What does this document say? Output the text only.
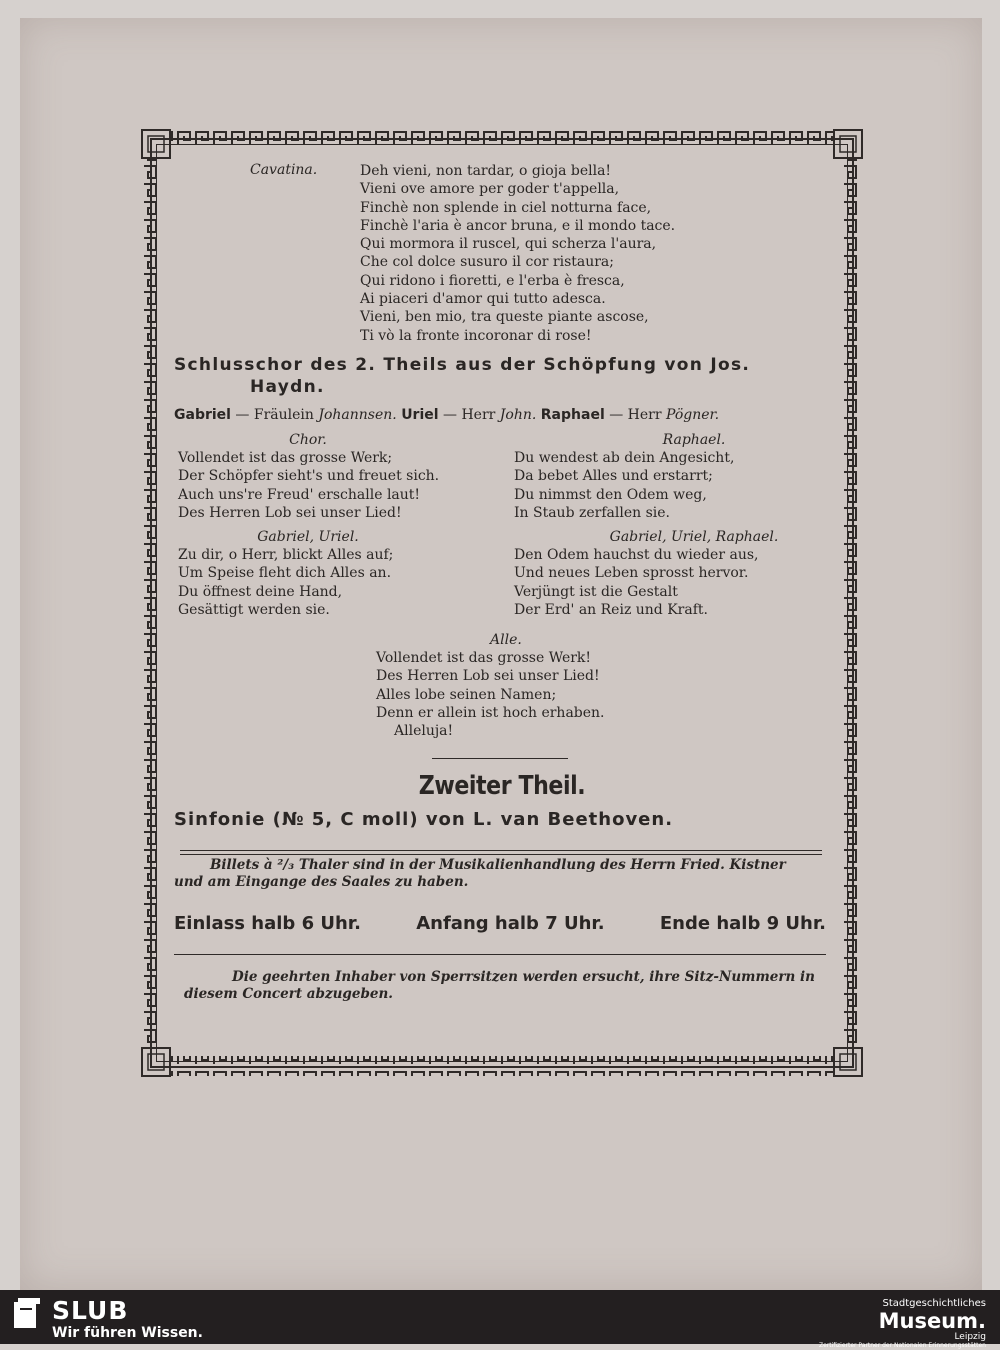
Cavatina.	Deh vieni, non tardar, o gioja bella!
Vieni ove amore per goder t'appella,
Finchè non splende in ciel notturna face,
Finchè l'aria è ancor bruna, e il mondo tace.
Qui mormora il ruscel, qui scherza l'aura,
Che col dolce susuro il cor ristaura;
Qui ridono i fioretti, e l'erba è fresca,
Ai piaceri d'amor qui tutto adesca.
Vieni, ben mio, tra queste piante ascose,
Ti vò la fronte incoronar di rose!
Schlusschor des 2. Theils aus der Schöpfung von Jos.
Haydn.
Gabriel — Fräulein Johannsen. Uriel — Herr John. Raphael — Herr Pögner.
Chor.
Vollendet ist das grosse Werk;
Der Schöpfer sieht's und freuet sich.
Auch uns're Freud' erschalle laut!
Des Herren Lob sei unser Lied!
Gabriel, Uriel.
Zu dir, o Herr, blickt Alles auf;
Um Speise fleht dich Alles an.
Du öffnest deine Hand,
Gesättigt werden sie.
Raphael.
Du wendest ab dein Angesicht,
Da bebet Alles und erstarrt;
Du nimmst den Odem weg,
In Staub zerfallen sie.
Gabriel, Uriel, Raphael.
Den Odem hauchst du wieder aus,
Und neues Leben sprosst hervor.
Verjüngt ist die Gestalt
Der Erd' an Reiz und Kraft.
Alle.
Vollendet ist das grosse Werk!
Des Herren Lob sei unser Lied!
Alles lobe seinen Namen;
Denn er allein ist hoch erhaben.
Alleluja!
Zweiter Theil.
Sinfonie (№ 5, C moll) von L. van Beethoven.
Billets à ²/₃ Thaler sind in der Musikalienhandlung des Herrn Fried. Kistner
und am Eingange des Saales zu haben.
Einlass halb 6 Uhr.	Anfang halb 7 Uhr.	Ende halb 9 Uhr.
Die geehrten Inhaber von Sperrsitzen werden ersucht, ihre Sitz-Nummern in
diesem Concert abzugeben.
SLUB
Wir führen Wissen.
Stadtgeschichtliches
Museum.
Leipzig
Zertifizierter Partner der Nationalen Erinnerungsstätten
